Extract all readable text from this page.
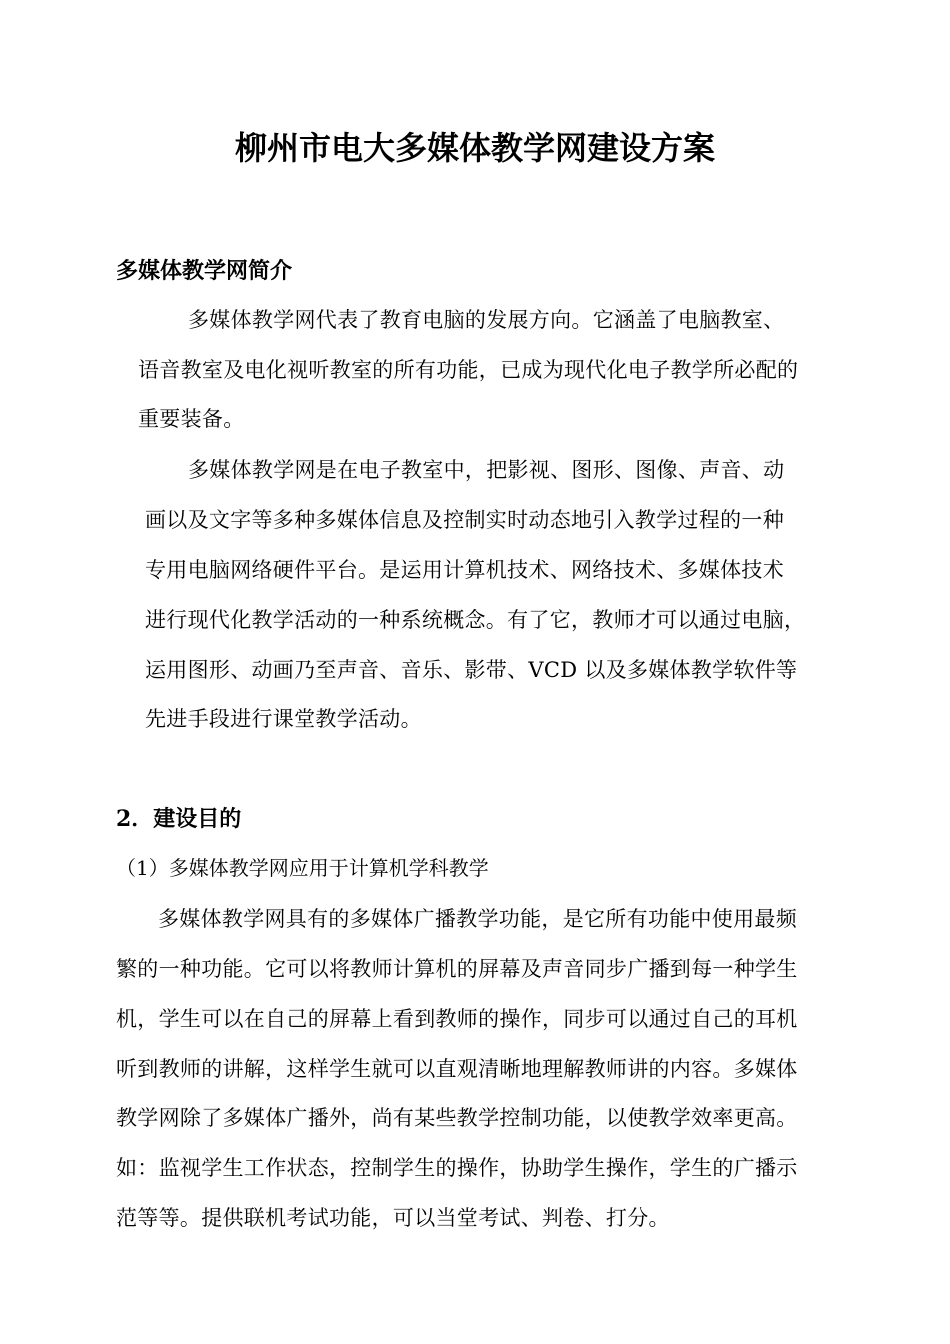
柳州市电大多媒体教学网建设方案
多媒体教学网简介
多媒体教学网代表了教育电脑的发展方向。它涵盖了电脑教室、
语音教室及电化视听教室的所有功能，已成为现代化电子教学所必配的
重要装备。
多媒体教学网是在电子教室中，把影视、图形、图像、声音、动
画以及文字等多种多媒体信息及控制实时动态地引入教学过程的一种
专用电脑网络硬件平台。是运用计算机技术、网络技术、多媒体技术
进行现代化教学活动的一种系统概念。有了它，教师才可以通过电脑，
运用图形、动画乃至声音、音乐、影带、VCD 以及多媒体教学软件等
先进手段进行课堂教学活动。
2．建设目的
（1）多媒体教学网应用于计算机学科教学
多媒体教学网具有的多媒体广播教学功能，是它所有功能中使用最频
繁的一种功能。它可以将教师计算机的屏幕及声音同步广播到每一种学生
机，学生可以在自己的屏幕上看到教师的操作，同步可以通过自己的耳机
听到教师的讲解，这样学生就可以直观清晰地理解教师讲的内容。多媒体
教学网除了多媒体广播外，尚有某些教学控制功能，以使教学效率更高。
如：监视学生工作状态，控制学生的操作，协助学生操作，学生的广播示
范等等。提供联机考试功能，可以当堂考试、判卷、打分。
